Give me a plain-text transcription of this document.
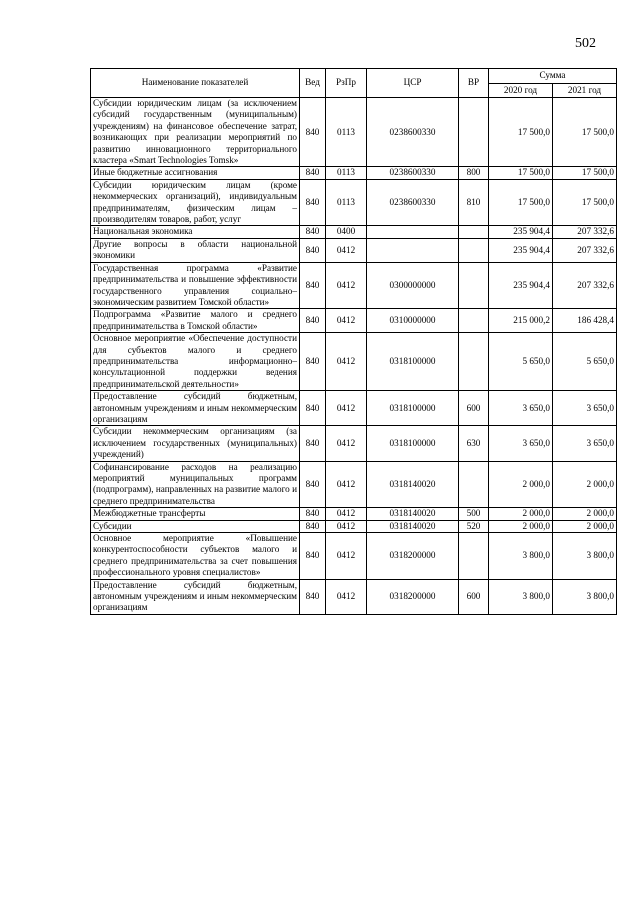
502
Наименование показателей	Вед	РзПр	ЦСР	ВР	Сумма	
					2020 год	2021 год
Субсидии юридическим лицам (за исключением субсидий государственным (муниципальным) учреждениям) на финансовое обеспечение затрат, возникающих при реализации мероприятий по развитию инновационного территориального кластера «Smart Technologies Tomsk»	840	0113	0238600330		17 500,0	17 500,0
Иные бюджетные ассигнования	840	0113	0238600330	800	17 500,0	17 500,0
Субсидии юридическим лицам (кроме некоммерческих организаций), индивидуальным предпринимателям, физическим лицам – производителям товаров, работ, услуг	840	0113	0238600330	810	17 500,0	17 500,0
Национальная экономика	840	0400			235 904,4	207 332,6
Другие вопросы в области национальной экономики	840	0412			235 904,4	207 332,6
Государственная программа «Развитие предпринимательства и повышение эффективности государственного управления социально–экономическим развитием Томской области»	840	0412	0300000000		235 904,4	207 332,6
Подпрограмма «Развитие малого и среднего предпринимательства в Томской области»	840	0412	0310000000		215 000,2	186 428,4
Основное мероприятие «Обеспечение доступности для субъектов малого и среднего предпринимательства информационно–консультационной поддержки ведения предпринимательской деятельности»	840	0412	0318100000		5 650,0	5 650,0
Предоставление субсидий бюджетным, автономным учреждениям и иным некоммерческим организациям	840	0412	0318100000	600	3 650,0	3 650,0
Субсидии некоммерческим организациям (за исключением государственных (муниципальных) учреждений)	840	0412	0318100000	630	3 650,0	3 650,0
Софинансирование расходов на реализацию мероприятий муниципальных программ (подпрограмм), направленных на развитие малого и среднего предпринимательства	840	0412	0318140020		2 000,0	2 000,0
Межбюджетные трансферты	840	0412	0318140020	500	2 000,0	2 000,0
Субсидии	840	0412	0318140020	520	2 000,0	2 000,0
Основное мероприятие «Повышение конкурентоспособности субъектов малого и среднего предпринимательства за счет повышения профессионального уровня специалистов»	840	0412	0318200000		3 800,0	3 800,0
Предоставление субсидий бюджетным, автономным учреждениям и иным некоммерческим организациям	840	0412	0318200000	600	3 800,0	3 800,0
